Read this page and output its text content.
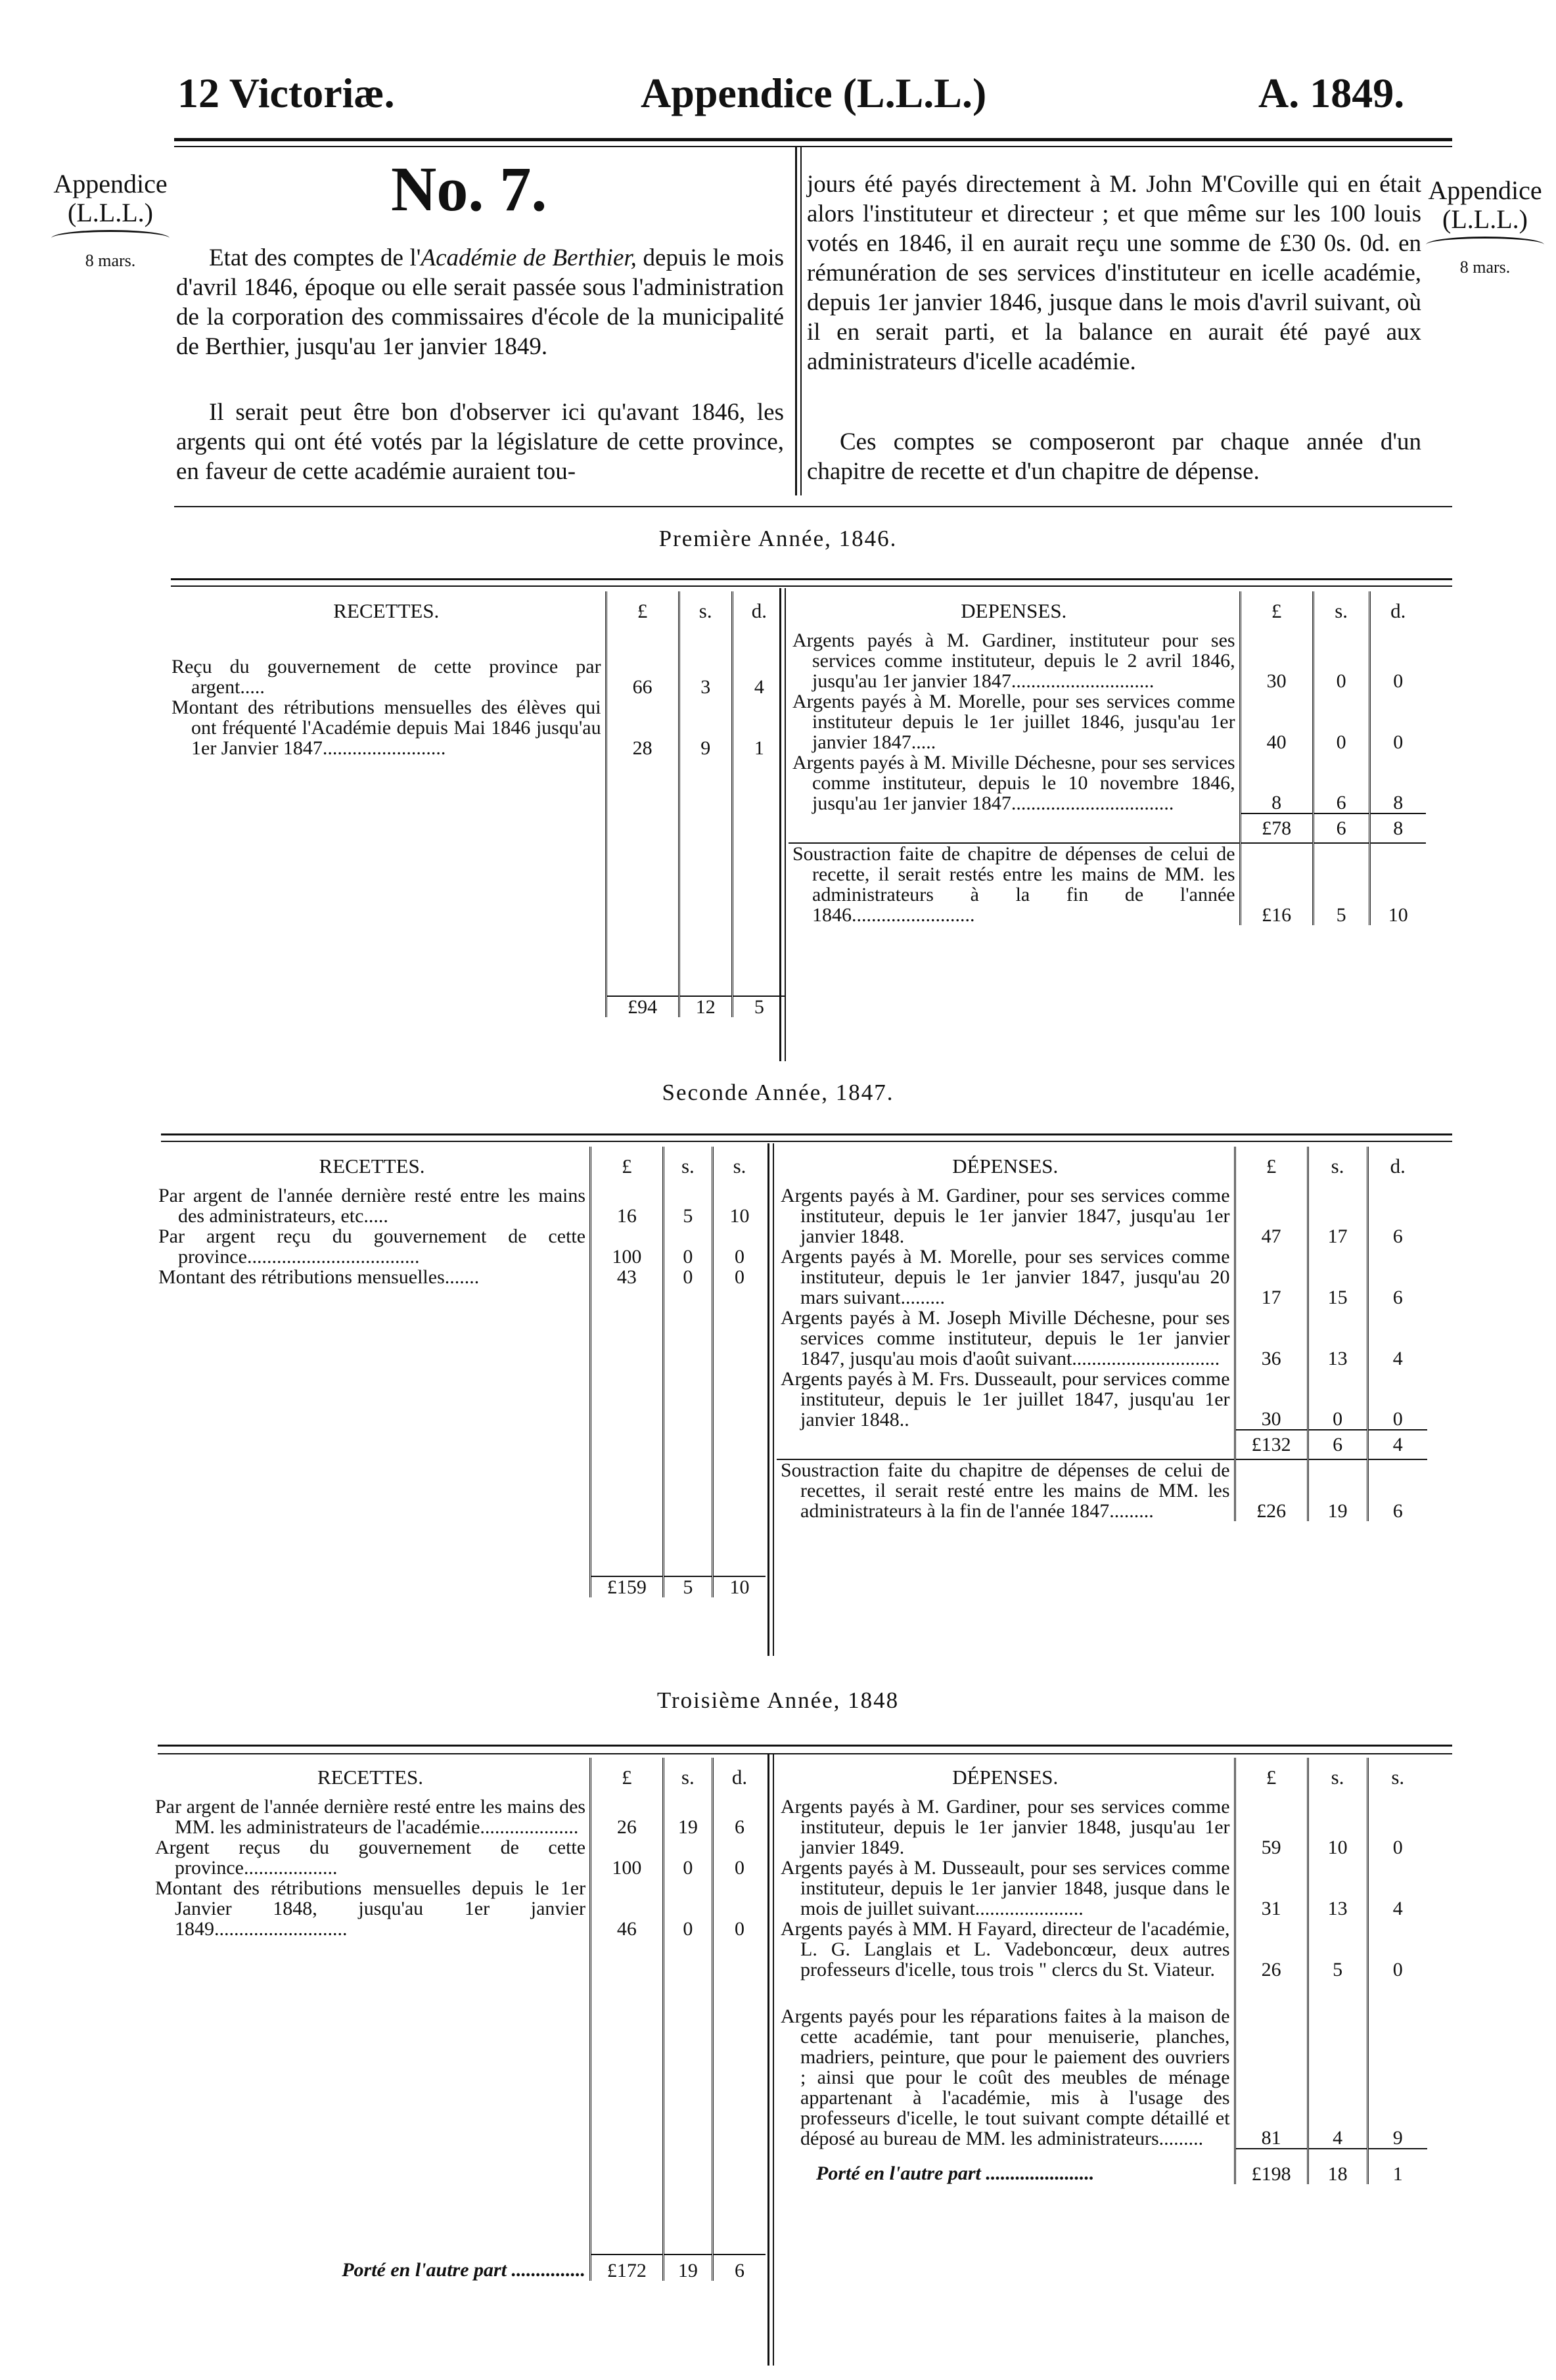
12 Victoriæ.	Appendice (L.L.L.)	A. 1849.
Appendice
(L.L.L.)
8 mars.
Appendice
(L.L.L.)
8 mars.
No. 7.
Etat des comptes de l'Académie de Berthier, depuis le mois d'avril 1846, époque ou elle serait passée sous l'administration de la corporation des commissaires d'école de la municipalité de Berthier, jusqu'au 1er janvier 1849.
Il serait peut être bon d'observer ici qu'avant 1846, les argents qui ont été votés par la législature de cette province, en faveur de cette académie auraient tou-
jours été payés directement à M. John M'Coville qui en était alors l'instituteur et directeur ; et que même sur les 100 louis votés en 1846, il en aurait reçu une somme de £30 0s. 0d. en rémunération de ses services d'instituteur en icelle académie, depuis 1er janvier 1846, jusque dans le mois d'avril suivant, où il en serait parti, et la balance en aurait été payé aux administrateurs d'icelle académie.
Ces comptes se composeront par chaque année d'un chapitre de recette et d'un chapitre de dépense.
Première Année, 1846.
RECETTES.	£	s.	d.
Reçu du gouvernement de cette province par argent.....	66	3	4
Montant des rétributions mensuelles des élèves qui ont fréquenté l'Académie depuis Mai 1846 jusqu'au 1er Janvier 1847.........................	28	9	1

	£94	12	5
DEPENSES.	£	s.	d.
Argents payés à M. Gardiner, instituteur pour ses services comme instituteur, depuis le 2 avril 1846, jusqu'au 1er janvier 1847.............................	30	0	0
Argents payés à M. Morelle, pour ses services comme instituteur depuis le 1er juillet 1846, jusqu'au 1er janvier 1847.....	40	0	0
Argents payés à M. Miville Déchesne, pour ses services comme instituteur, depuis le 10 novembre 1846, jusqu'au 1er janvier 1847.................................	8	6	8
	£78	6	8
Soustraction faite de chapitre de dépenses de celui de recette, il serait restés entre les mains de MM. les administrateurs à la fin de l'année 1846.........................	£16	5	10
Seconde Année, 1847.
RECETTES.	£	s.	s.
Par argent de l'année dernière resté entre les mains des administrateurs, etc.....	16	5	10
Par argent reçu du gouvernement de cette province...................................	100	0	0
Montant des rétributions mensuelles.......	43	0	0

	£159	5	10
DÉPENSES.	£	s.	d.
Argents payés à M. Gardiner, pour ses services comme instituteur, depuis le 1er janvier 1847, jusqu'au 1er janvier 1848.	47	17	6
Argents payés à M. Morelle, pour ses services comme instituteur, depuis le 1er janvier 1847, jusqu'au 20 mars suivant.........	17	15	6
Argents payés à M. Joseph Miville Déchesne, pour ses services comme instituteur, depuis le 1er janvier 1847, jusqu'au mois d'août suivant..............................	36	13	4
Argents payés à M. Frs. Dusseault, pour services comme instituteur, depuis le 1er juillet 1847, jusqu'au 1er janvier 1848..	30	0	0
	£132	6	4
Soustraction faite du chapitre de dépenses de celui de recettes, il serait resté entre les mains de MM. les administrateurs à la fin de l'année 1847.........	£26	19	6
Troisième Année, 1848
RECETTES.	£	s.	d.
Par argent de l'année dernière resté entre les mains des MM. les administrateurs de l'académie....................	26	19	6
Argent reçus du gouvernement de cette province...................	100	0	0
Montant des rétributions mensuelles depuis le 1er Janvier 1848, jusqu'au 1er janvier 1849...........................	46	0	0

Porté en l'autre part ...............	£172	19	6
DÉPENSES.	£	s.	s.
Argents payés à M. Gardiner, pour ses services comme instituteur, depuis le 1er janvier 1848, jusqu'au 1er janvier 1849.	59	10	0
Argents payés à M. Dusseault, pour ses services comme instituteur, depuis le 1er janvier 1848, jusque dans le mois de juillet suivant......................	31	13	4
Argents payés à MM. H Fayard, directeur de l'académie, L. G. Langlais et L. Vadeboncœur, deux autres professeurs d'icelle, tous trois " clercs du St. Viateur.	26	5	0
Argents payés pour les réparations faites à la maison de cette académie, tant pour menuiserie, planches, madriers, peinture, que pour le paiement des ouvriers ; ainsi que pour le coût des meubles de ménage appartenant à l'académie, mis à l'usage des professeurs d'icelle, le tout suivant compte détaillé et déposé au bureau de MM. les administrateurs.........	81	4	9
Porté en l'autre part ......................	£198	18	1
